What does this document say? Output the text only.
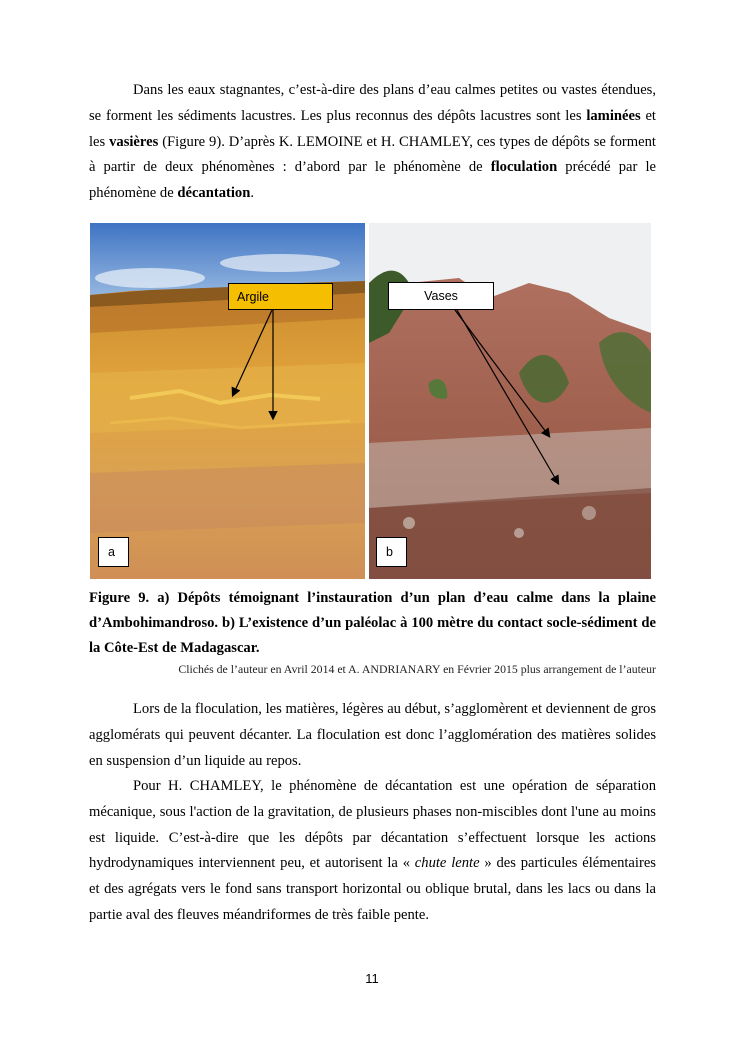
Dans les eaux stagnantes, c’est-à-dire des plans d’eau calmes petites ou vastes étendues, se forment les sédiments lacustres. Les plus reconnus des dépôts lacustres sont les laminées et les vasières (Figure 9). D’après K. LEMOINE et H. CHAMLEY, ces types de dépôts se forment à partir de deux phénomènes : d’abord par le phénomène de floculation précédé par le phénomène de décantation.

Argile	Vases
a	b

Figure 9. a) Dépôts témoignant l’instauration d’un plan d’eau calme dans la plaine d’Ambohimandroso. b) L’existence d’un paléolac à 100 mètre du contact socle-sédiment de la Côte-Est de Madagascar.

Clichés de l’auteur en Avril 2014 et A. ANDRIANARY en Février 2015 plus arrangement de l’auteur

Lors de la floculation, les matières, légères au début, s’agglomèrent et deviennent de gros agglomérats qui peuvent décanter. La floculation est donc l’agglomération des matières solides en suspension d’un liquide au repos.

Pour H. CHAMLEY, le phénomène de décantation est une opération de séparation mécanique, sous l'action de la gravitation, de plusieurs phases non-miscibles dont l'une au moins est liquide. C’est-à-dire que les dépôts par décantation s’effectuent lorsque les actions hydrodynamiques interviennent peu, et autorisent la « chute lente » des particules élémentaires et des agrégats vers le fond sans transport horizontal ou oblique brutal, dans les lacs ou dans la partie aval des fleuves méandriformes de très faible pente.

11
